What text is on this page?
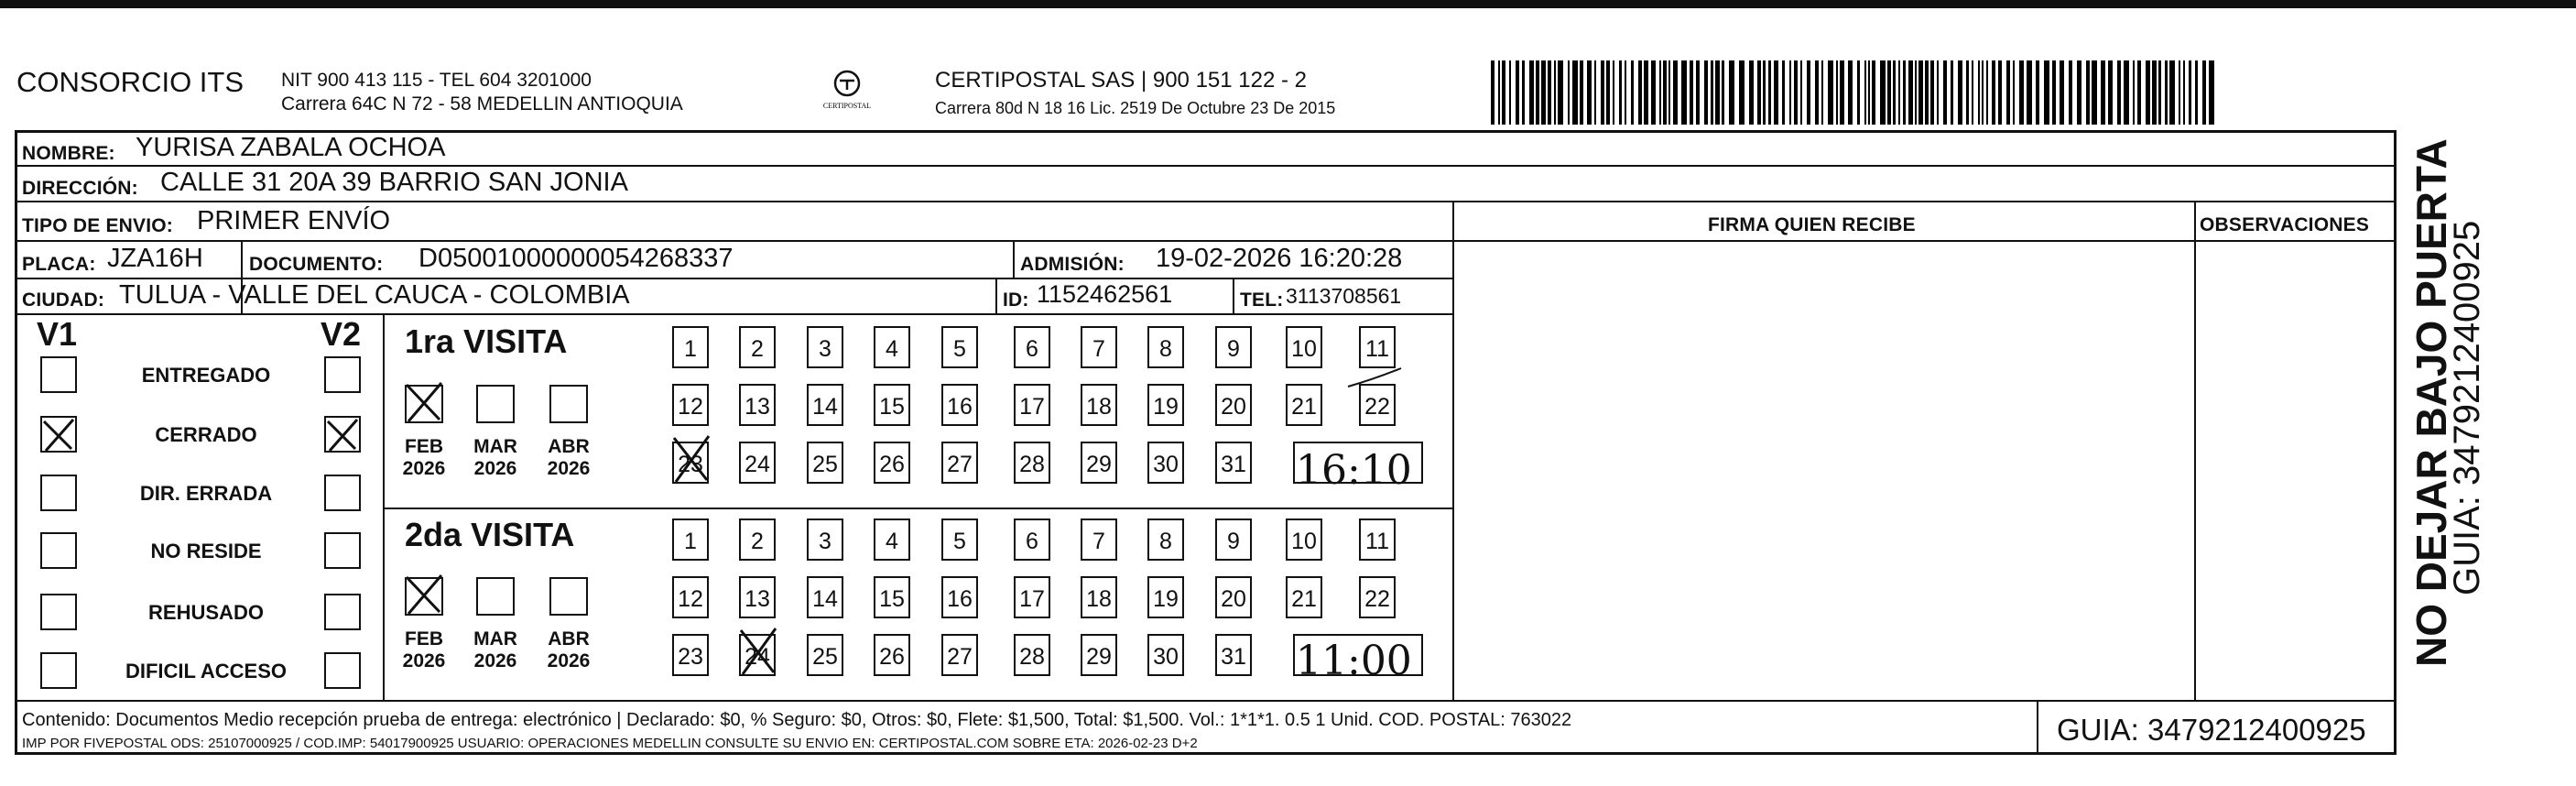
CONSORCIO ITS NIT 900 413 115 - TEL 604 3201000
Carrera 64C N 72 - 58 MEDELLIN ANTIOQUIA	CERTIPOSTAL
CERTIPOSTAL SAS | 900 151 122 - 2
Carrera 80d N 18 16 Lic. 2519 De Octubre 23 De 2015
NOMBRE: YURISA ZABALA OCHOA
DIRECCIÓN: CALLE 31 20A 39 BARRIO SAN JONIA
TIPO DE ENVIO: PRIMER ENVÍO	FIRMA QUIEN RECIBE	OBSERVACIONES
PLACA: JZA16H DOCUMENTO: D05001000000054268337	ADMISIÓN: 19-02-2026 16:20:28
CIUDAD: TULUA - VALLE DEL CAUCA - COLOMBIA	ID: 1152462561	TEL: 3113708561
V1	V2 1ra VISITA
2da VISITA
16:10
11:00
Contenido: Documentos Medio recepción prueba de entrega: electrónico | Declarado: $0, % Seguro: $0, Otros: $0, Flete: $1,500, Total: $1,500. Vol.: 1*1*1. 0.5 1 Unid. COD. POSTAL: 763022
IMP POR FIVEPOSTAL ODS: 25107000925 / COD.IMP: 54017900925 USUARIO: OPERACIONES MEDELLIN CONSULTE SU ENVIO EN: CERTIPOSTAL.COM SOBRE ETA: 2026-02-23 D+2	GUIA: 3479212400925
NO DEJAR BAJO PUERTA
GUIA: 3479212400925
ENTREGADO
CERRADO
DIR. ERRADA
NO RESIDE
REHUSADO
DIFICIL ACCESO
FEB
2026
MAR
2026
ABR
2026
FEB
2026
MAR
2026
ABR
2026
1	2	3	4	5	6	7	8	9	10 11
12 13 14 15 16 17 18 19 20 21 22
23 24 25 26 27 28 29 30 31
1	2	3	4	5	6	7	8	9	10 11
12 13 14 15 16 17 18 19 20 21 22
23 24 25 26 27 28 29 30 31
